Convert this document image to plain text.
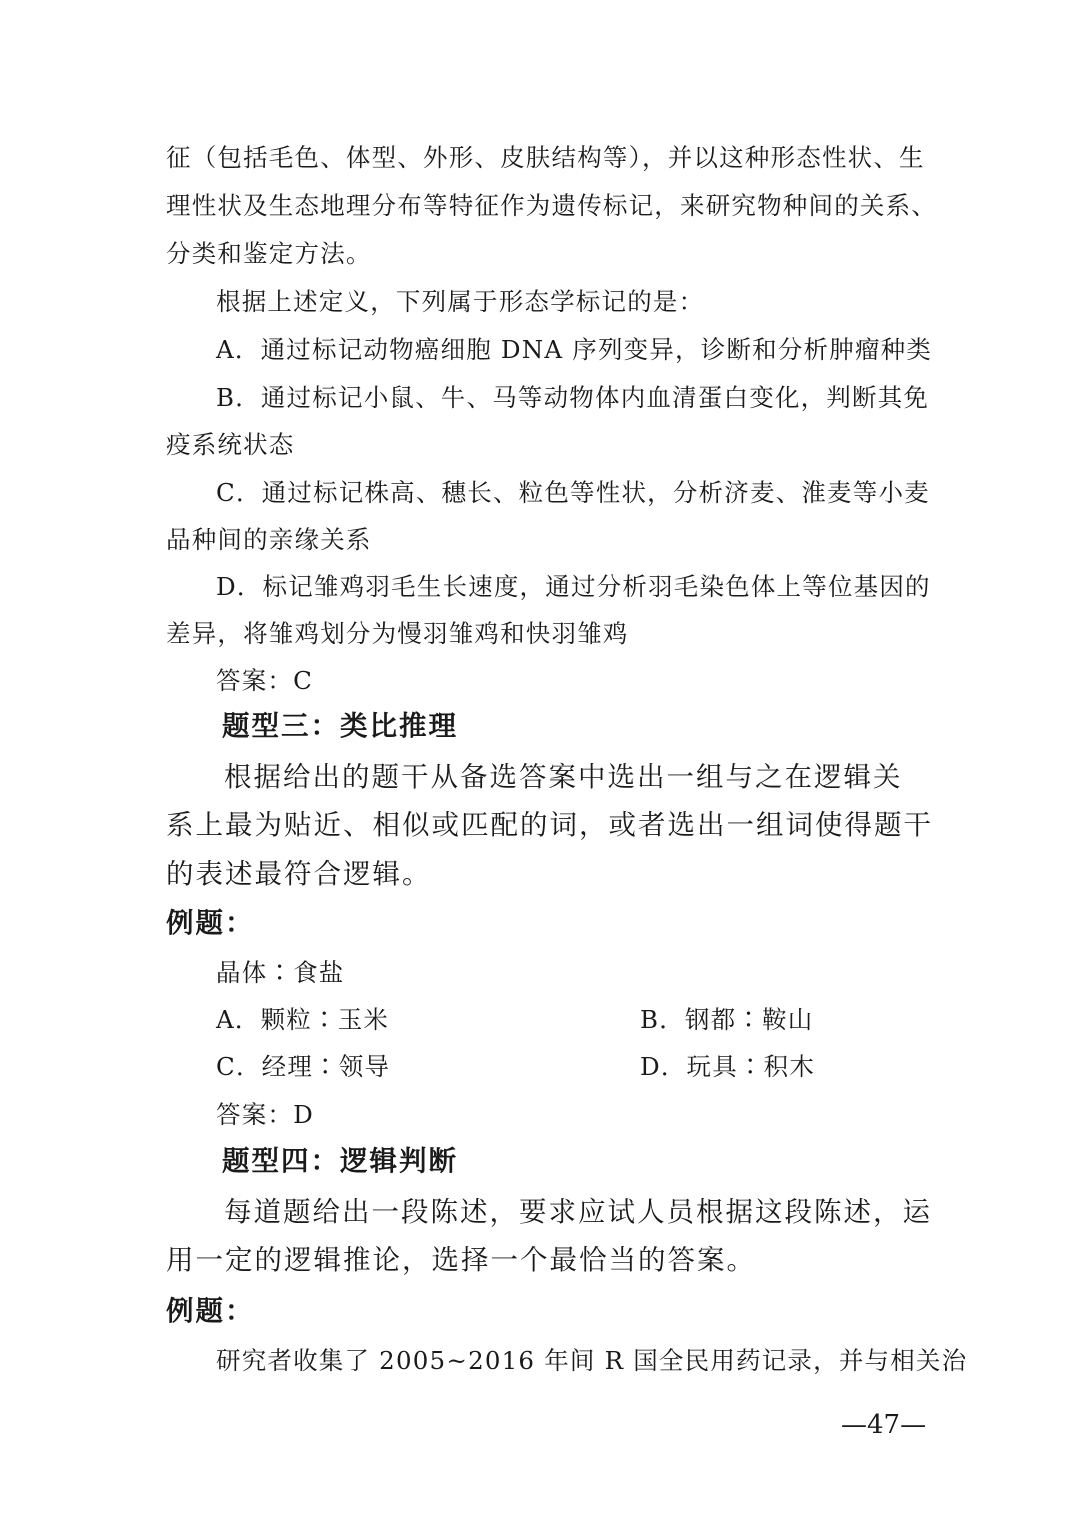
征（包括毛色、体型、外形、皮肤结构等），并以这种形态性状、生
理性状及生态地理分布等特征作为遗传标记，来研究物种间的关系、
分类和鉴定方法。
根据上述定义，下列属于形态学标记的是：
A．通过标记动物癌细胞 DNA 序列变异，诊断和分析肿瘤种类
B．通过标记小鼠、牛、马等动物体内血清蛋白变化，判断其免
疫系统状态
C．通过标记株高、穗长、粒色等性状，分析济麦、淮麦等小麦
品种间的亲缘关系
D．标记雏鸡羽毛生长速度，通过分析羽毛染色体上等位基因的
差异，将雏鸡划分为慢羽雏鸡和快羽雏鸡
答案：C
题型三：类比推理
根据给出的题干从备选答案中选出一组与之在逻辑关
系上最为贴近、相似或匹配的词，或者选出一组词使得题干
的表述最符合逻辑。
例题：
晶体∶食盐
A．颗粒∶玉米	B．钢都∶鞍山
C．经理∶领导	D．玩具∶积木
答案：D
题型四：逻辑判断
每道题给出一段陈述，要求应试人员根据这段陈述，运
用一定的逻辑推论，选择一个最恰当的答案。
例题：
研究者收集了 2005~2016 年间 R 国全民用药记录，并与相关治
—47—
